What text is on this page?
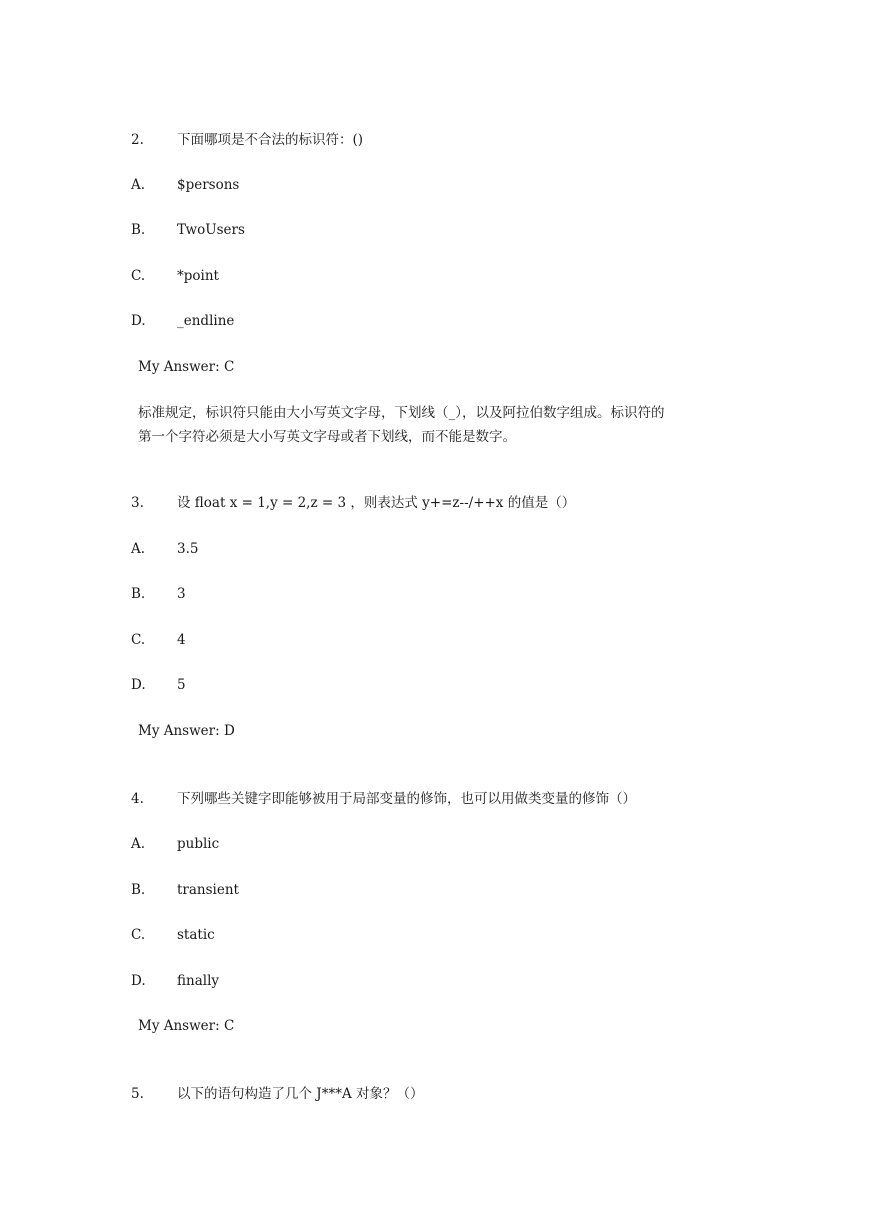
2. 下面哪项是不合法的标识符：()
A. $persons
B. TwoUsers
C. *point
D. _endline
My Answer: C
标准规定，标识符只能由大小写英文字母，下划线（_），以及阿拉伯数字组成。标识符的
第一个字符必须是大小写英文字母或者下划线，而不能是数字。
3. 设 float x = 1,y = 2,z = 3 ，则表达式 y+=z--/++x 的值是（）
A. 3.5
B. 3
C. 4
D. 5
My Answer: D
4. 下列哪些关键字即能够被用于局部变量的修饰，也可以用做类变量的修饰（）
A. public
B. transient
C. static
D. finally
My Answer: C
5. 以下的语句构造了几个 J***A 对象？（）
